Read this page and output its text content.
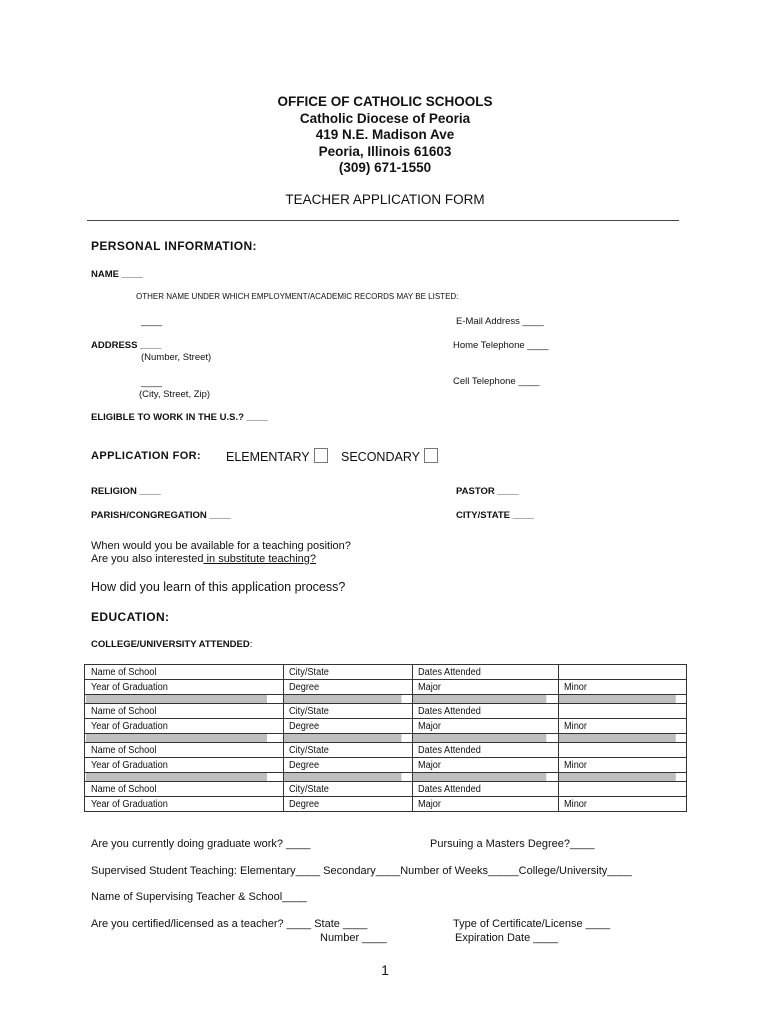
OFFICE OF CATHOLIC SCHOOLS
Catholic Diocese of Peoria
419 N.E. Madison Ave
Peoria, Illinois 61603
(309) 671-1550
TEACHER APPLICATION FORM
PERSONAL INFORMATION:
NAME ____
OTHER NAME UNDER WHICH EMPLOYMENT/ACADEMIC RECORDS MAY BE LISTED:
____	E-Mail Address ____
ADDRESS ____
(Number, Street)
Home Telephone ____
____
(City, Street, Zip)
Cell Telephone ____
ELIGIBLE TO WORK IN THE U.S.? ____
APPLICATION FOR: ELEMENTARY	SECONDARY
RELIGION ____	PASTOR ____
PARISH/CONGREGATION ____	CITY/STATE ____
When would you be available for a teaching position?
Are you also interested in substitute teaching?
How did you learn of this application process?
EDUCATION:
COLLEGE/UNIVERSITY ATTENDED:
Name of School	City/State	Dates Attended	
Year of Graduation	Degree	Major	Minor

Name of School	City/State	Dates Attended	
Year of Graduation	Degree	Major	Minor

Name of School	City/State	Dates Attended	
Year of Graduation	Degree	Major	Minor

Name of School	City/State	Dates Attended	
Year of Graduation	Degree	Major	Minor
Are you currently doing graduate work? ____	Pursuing a Masters Degree?____
Supervised Student Teaching: Elementary____ Secondary____Number of Weeks_____College/University____
Name of Supervising Teacher & School____
Are you certified/licensed as a teacher? ____ State ____
Number ____
Type of Certificate/License ____
Expiration Date ____
1
